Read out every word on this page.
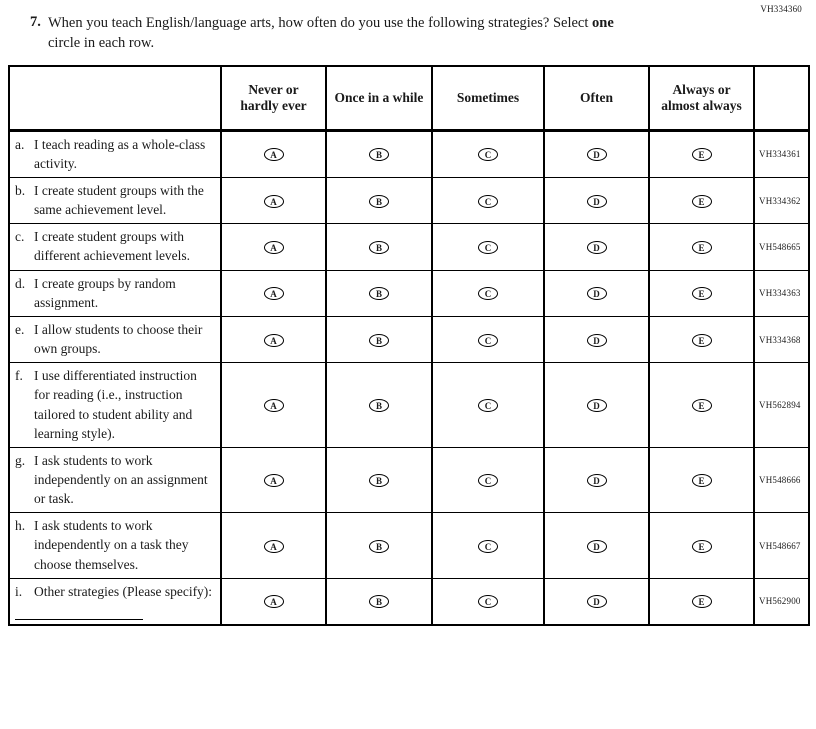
VH334360
7. When you teach English/language arts, how often do you use the following strategies? Select one circle in each row.
	Never or hardly ever	Once in a while	Sometimes	Often	Always or almost always	

a. I teach reading as a whole-class activity.	A	B	C	D	E	VH334361

b. I create student groups with the same achievement level.	A	B	C	D	E	VH334362

c. I create student groups with different achievement levels.	A	B	C	D	E	VH548665

d. I create groups by random assignment.	A	B	C	D	E	VH334363

e. I allow students to choose their own groups.	A	B	C	D	E	VH334368

f. I use differentiated instruction for reading (i.e., instruction tailored to student ability and learning style).	A	B	C	D	E	VH562894

g. I ask students to work independently on an assignment or task.	A	B	C	D	E	VH548666

h. I ask students to work independently on a task they choose themselves.	A	B	C	D	E	VH548667

i. Other strategies (Please specify):	A	B	C	D	E	VH562900
